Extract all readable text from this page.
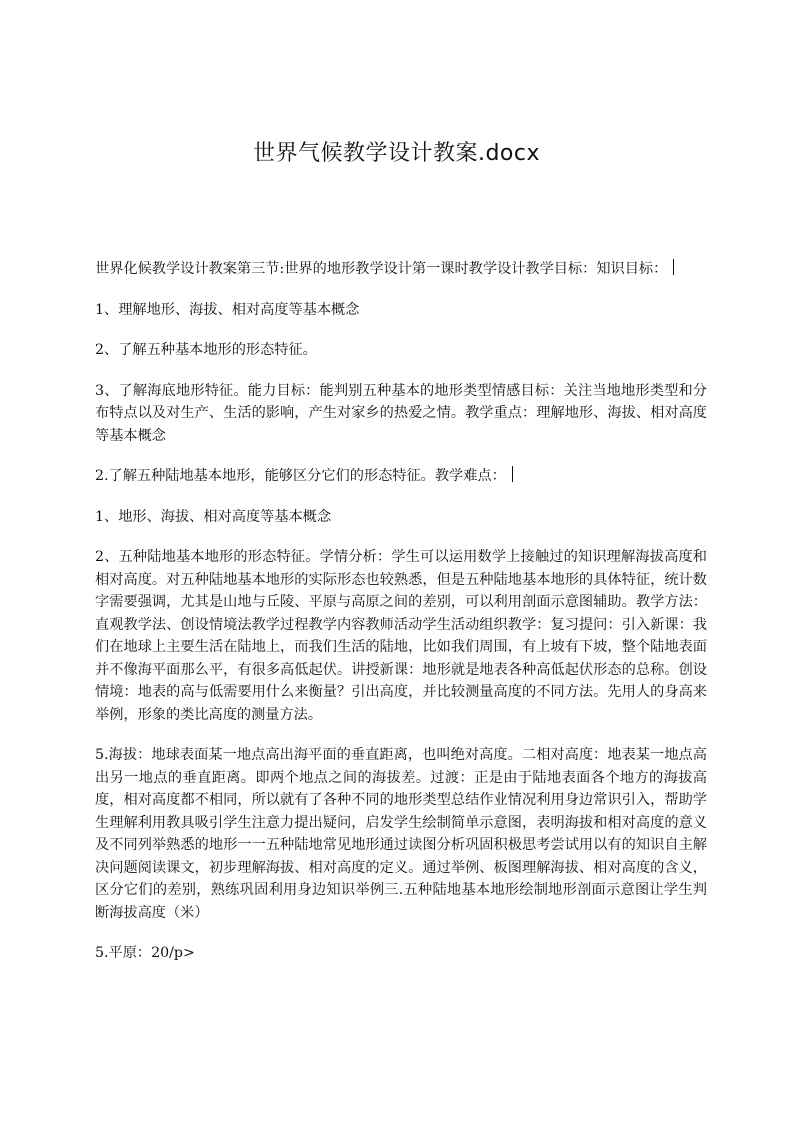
世界气候教学设计教案.docx

世界化候教学设计教案第三节:世界的地形教学设计第一课时教学设计教学目标：知识目标：

1、理解地形、海拔、相对高度等基本概念

2、了解五种基本地形的形态特征。

3、了解海底地形特征。能力目标：能判别五种基本的地形类型情感目标：关注当地地形类型和分布特点以及对生产、生活的影响，产生对家乡的热爱之情。教学重点：理解地形、海拔、相对高度等基本概念

2.了解五种陆地基本地形，能够区分它们的形态特征。教学难点：

1、地形、海拔、相对高度等基本概念

2、五种陆地基本地形的形态特征。学情分析：学生可以运用数学上接触过的知识理解海拔高度和相对高度。对五种陆地基本地形的实际形态也较熟悉，但是五种陆地基本地形的具体特征，统计数字需要强调，尤其是山地与丘陵、平原与高原之间的差别，可以利用剖面示意图辅助。教学方法：直观教学法、创设情境法教学过程教学内容教师活动学生活动组织教学：复习提问：引入新课：我们在地球上主要生活在陆地上，而我们生活的陆地，比如我们周围，有上坡有下坡，整个陆地表面并不像海平面那么平，有很多高低起伏。讲授新课：地形就是地表各种高低起伏形态的总称。创设情境：地表的高与低需要用什么来衡量？引出高度，并比较测量高度的不同方法。先用人的身高来举例，形象的类比高度的测量方法。

5.海拔：地球表面某一地点高出海平面的垂直距离，也叫绝对高度。二相对高度：地表某一地点高出另一地点的垂直距离。即两个地点之间的海拔差。过渡：正是由于陆地表面各个地方的海拔高度，相对高度都不相同，所以就有了各种不同的地形类型总结作业情况利用身边常识引入，帮助学生理解利用教具吸引学生注意力提出疑问，启发学生绘制简单示意图，表明海拔和相对高度的意义及不同列举熟悉的地形一一五种陆地常见地形通过读图分析巩固积极思考尝试用以有的知识自主解决问题阅读课文，初步理解海拔、相对高度的定义。通过举例、板图理解海拔、相对高度的含义，区分它们的差别，熟练巩固利用身边知识举例三.五种陆地基本地形绘制地形剖面示意图让学生判断海拔高度（米）

5.平原：20/p>
